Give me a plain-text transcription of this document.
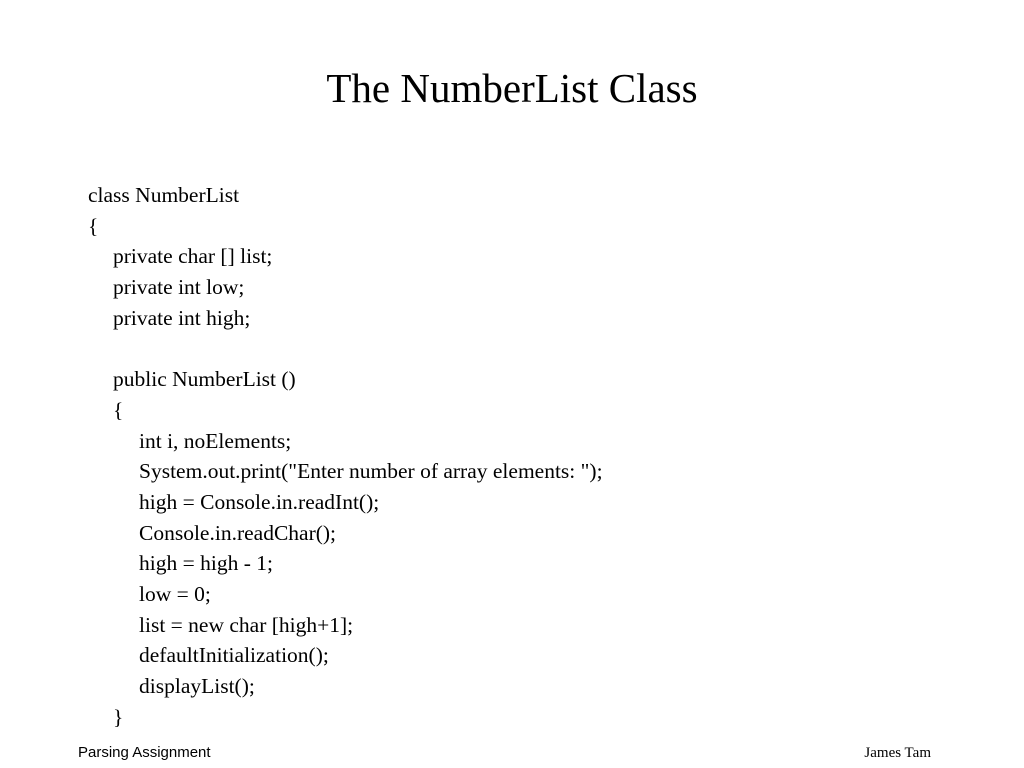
The NumberList Class
class NumberList
{
private char [] list;
private int low;
private int high;
public NumberList ()
{
int i, noElements;
System.out.print("Enter number of array elements: ");
high = Console.in.readInt();
Console.in.readChar();
high = high - 1;
low = 0;
list = new char [high+1];
defaultInitialization();
displayList();
}
Parsing Assignment	James Tam
